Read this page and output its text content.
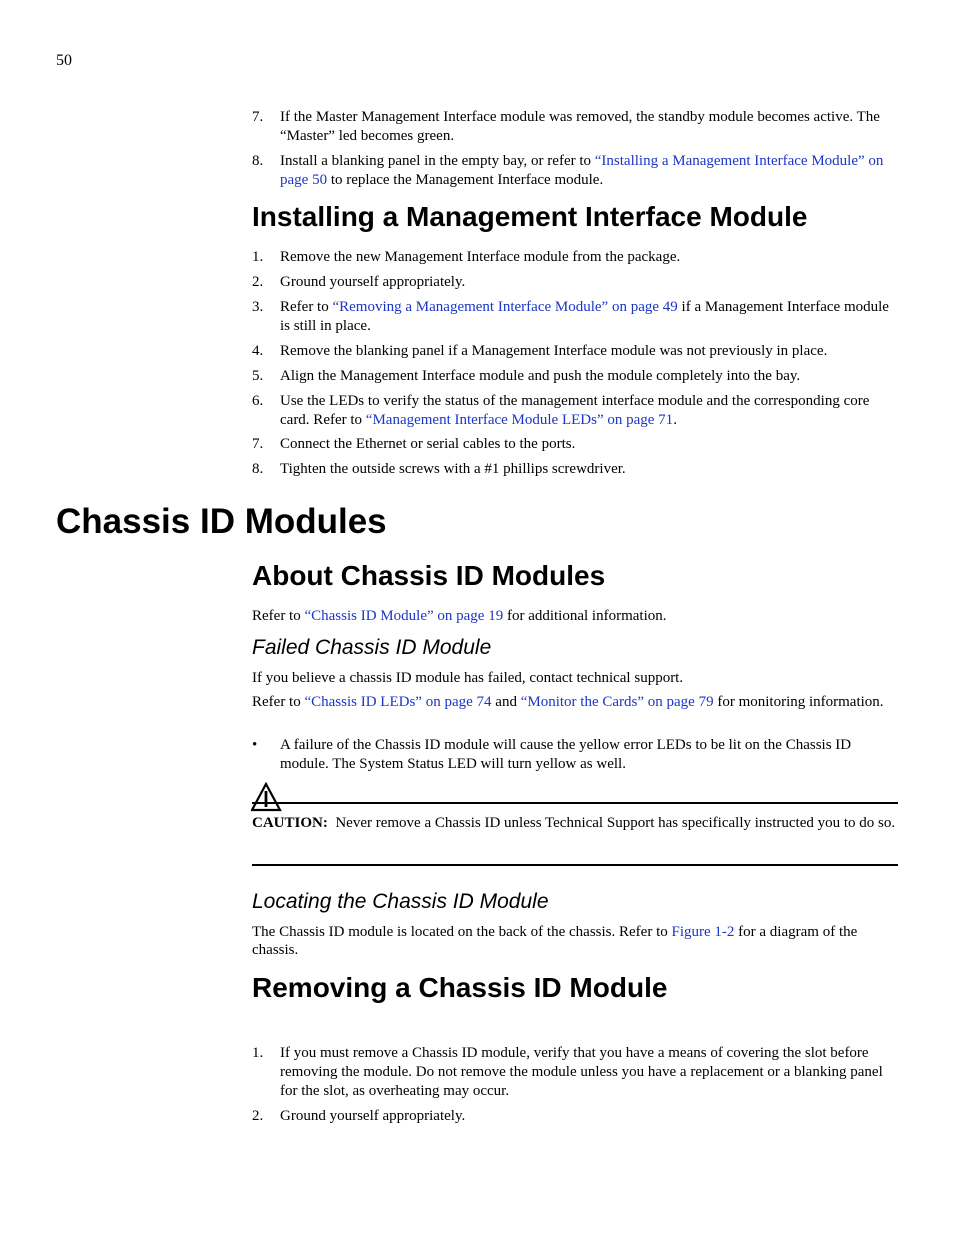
50
7. If the Master Management Interface module was removed, the standby module becomes active. The “Master” led becomes green.
8. Install a blanking panel in the empty bay, or refer to “Installing a Management Interface Module” on page 50 to replace the Management Interface module.
Installing a Management Interface Module
1. Remove the new Management Interface module from the package.
2. Ground yourself appropriately.
3. Refer to “Removing a Management Interface Module” on page 49 if a Management Interface module is still in place.
4. Remove the blanking panel if a Management Interface module was not previously in place.
5. Align the Management Interface module and push the module completely into the bay.
6. Use the LEDs to verify the status of the management interface module and the corresponding core card. Refer to “Management Interface Module LEDs” on page 71.
7. Connect the Ethernet or serial cables to the ports.
8. Tighten the outside screws with a #1 phillips screwdriver.
Chassis ID Modules
About Chassis ID Modules
Refer to “Chassis ID Module” on page 19 for additional information.
Failed Chassis ID Module
If you believe a chassis ID module has failed, contact technical support.
Refer to “Chassis ID LEDs” on page 74 and “Monitor the Cards” on page 79 for monitoring information.
• A failure of the Chassis ID module will cause the yellow error LEDs to be lit on the Chassis ID module. The System Status LED will turn yellow as well.
CAUTION: Never remove a Chassis ID unless Technical Support has specifically instructed you to do so.
Locating the Chassis ID Module
The Chassis ID module is located on the back of the chassis. Refer to Figure 1-2 for a diagram of the chassis.
Removing a Chassis ID Module
1. If you must remove a Chassis ID module, verify that you have a means of covering the slot before removing the module. Do not remove the module unless you have a replacement or a blanking panel for the slot, as overheating may occur.
2. Ground yourself appropriately.
